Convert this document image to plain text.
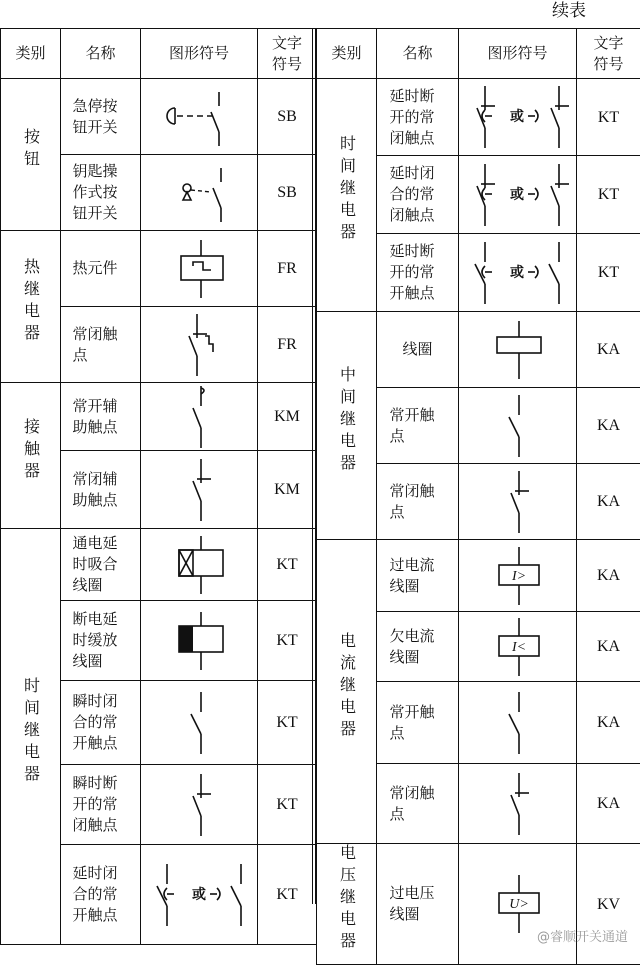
续表
类别	名称	图形符号	文字
符号
按钮	急停按钮开关		SB

	钥匙操作式按钮开关		SB
热继电器	热元件		FR

	常闭触点		FR
接触器	常开辅助触点		KM

	常闭辅助触点		KM
时间继电器	通电延时吸合线圈		KT

	断电延时缓放线圈		KT

	瞬时闭合的常开触点		KT

	瞬时断开的常闭触点		KT

	延时闭合的常开触点	或	KT
类别	名称	图形符号	文字
符号
时间继电器	延时断开的常闭触点	或	KT

	延时闭合的常闭触点	或	KT

	延时断开的常开触点	或	KT
中间继电器	线圈		KA

	常开触点		KA

	常闭触点		KA
电流继电器	过电流线圈	I>	KA

	欠电流线圈	I<	KA

	常开触点		KA

	常闭触点		KA
电压继电器	过电压线圈	U>	KV
@睿顺开关通道
